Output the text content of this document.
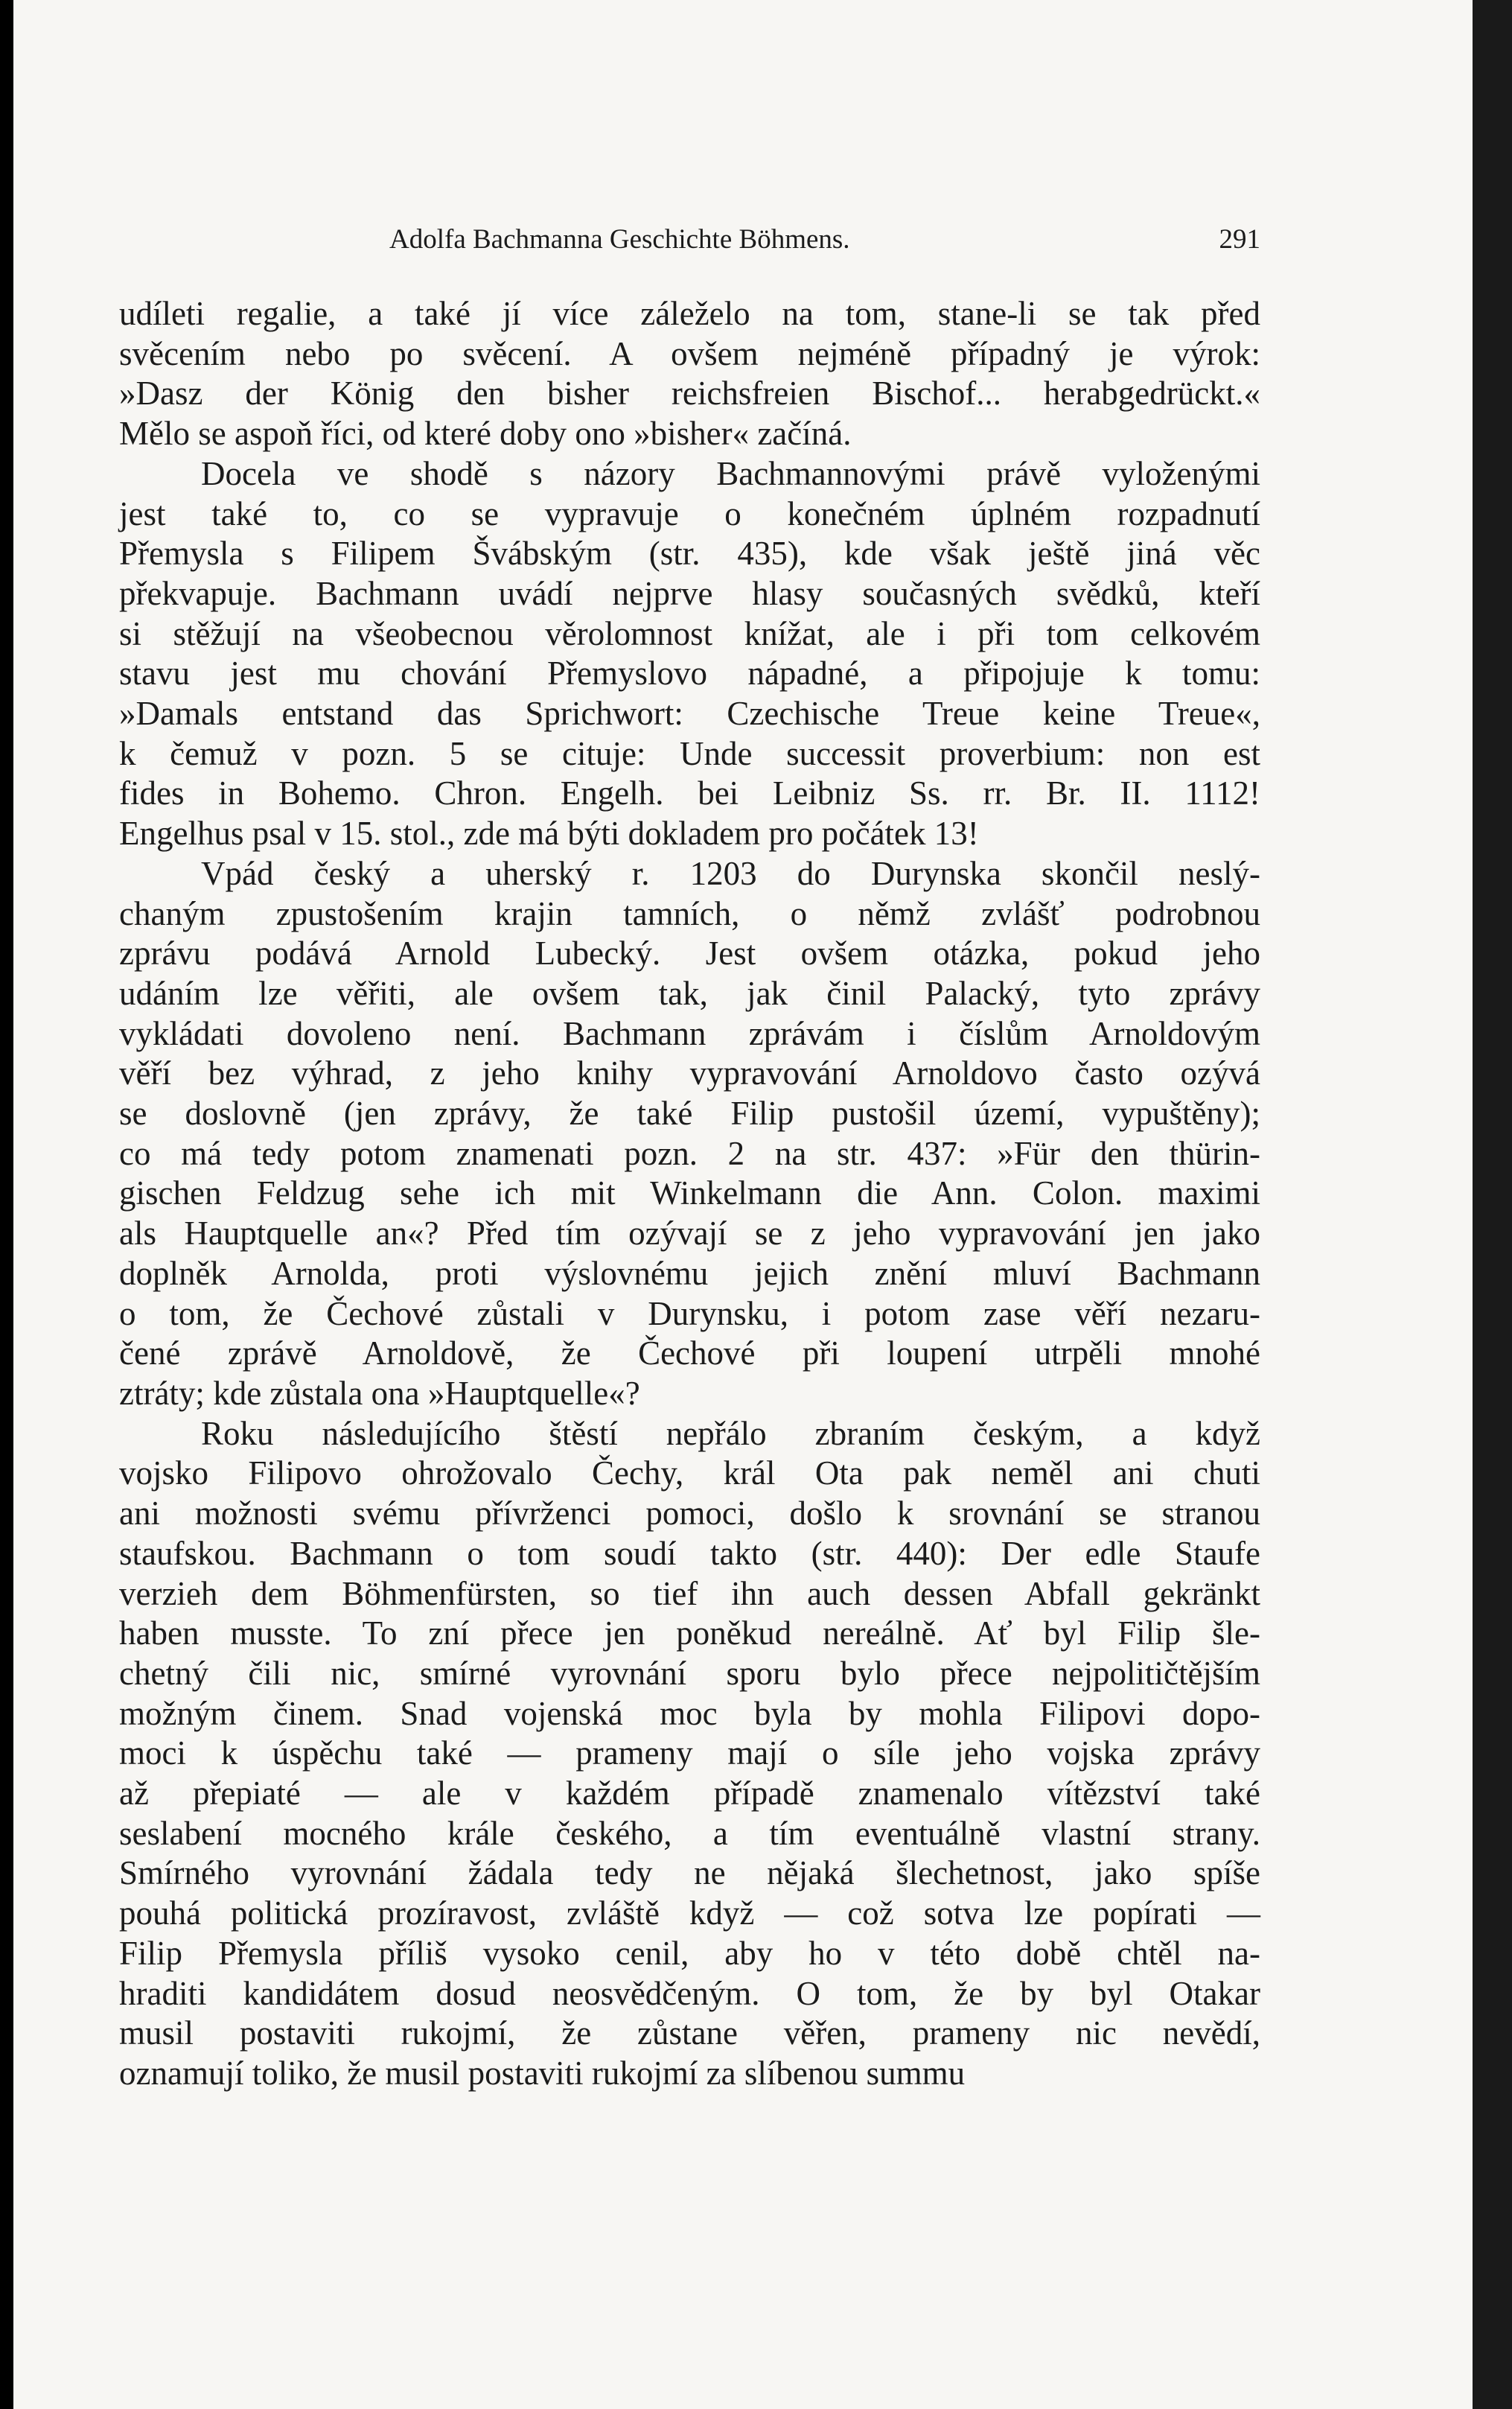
Adolfa Bachmanna Geschichte Böhmens.	291
udíleti regalie, a také jí více záleželo na tom, stane-li se tak před
svěcením nebo po svěcení. A ovšem nejméně případný je výrok:
»Dasz der König den bisher reichsfreien Bischof... herabgedrückt.«
Mělo se aspoň říci, od které doby ono »bisher« začíná.
Docela ve shodě s názory Bachmannovými právě vyloženými
jest také to, co se vypravuje o konečném úplném rozpadnutí
Přemysla s Filipem Švábským (str. 435), kde však ještě jiná věc
překvapuje. Bachmann uvádí nejprve hlasy současných svědků, kteří
si stěžují na všeobecnou věrolomnost knížat, ale i při tom celkovém
stavu jest mu chování Přemyslovo nápadné, a připojuje k tomu:
»Damals entstand das Sprichwort: Czechische Treue keine Treue«,
k čemuž v pozn. 5 se cituje: Unde successit proverbium: non est
fides in Bohemo. Chron. Engelh. bei Leibniz Ss. rr. Br. II. 1112!
Engelhus psal v 15. stol., zde má býti dokladem pro počátek 13!
Vpád český a uherský r. 1203 do Durynska skončil neslý-
chaným zpustošením krajin tamních, o němž zvlášť podrobnou
zprávu podává Arnold Lubecký. Jest ovšem otázka, pokud jeho
udáním lze věřiti, ale ovšem tak, jak činil Palacký, tyto zprávy
vykládati dovoleno není. Bachmann zprávám i číslům Arnoldovým
věří bez výhrad, z jeho knihy vypravování Arnoldovo často ozývá
se doslovně (jen zprávy, že také Filip pustošil území, vypuštěny);
co má tedy potom znamenati pozn. 2 na str. 437: »Für den thürin-
gischen Feldzug sehe ich mit Winkelmann die Ann. Colon. maximi
als Hauptquelle an«? Před tím ozývají se z jeho vypravování jen jako
doplněk Arnolda, proti výslovnému jejich znění mluví Bachmann
o tom, že Čechové zůstali v Durynsku, i potom zase věří nezaru-
čené zprávě Arnoldově, že Čechové při loupení utrpěli mnohé
ztráty; kde zůstala ona »Hauptquelle«?
Roku následujícího štěstí nepřálo zbraním českým, a když
vojsko Filipovo ohrožovalo Čechy, král Ota pak neměl ani chuti
ani možnosti svému přívrženci pomoci, došlo k srovnání se stranou
staufskou. Bachmann o tom soudí takto (str. 440): Der edle Staufe
verzieh dem Böhmenfürsten, so tief ihn auch dessen Abfall gekränkt
haben musste. To zní přece jen poněkud nereálně. Ať byl Filip šle-
chetný čili nic, smírné vyrovnání sporu bylo přece nejpolitičtějším
možným činem. Snad vojenská moc byla by mohla Filipovi dopo-
moci k úspěchu také — prameny mají o síle jeho vojska zprávy
až přepiaté — ale v každém případě znamenalo vítězství také
seslabení mocného krále českého, a tím eventuálně vlastní strany.
Smírného vyrovnání žádala tedy ne nějaká šlechetnost, jako spíše
pouhá politická prozíravost, zvláště když — což sotva lze popírati —
Filip Přemysla příliš vysoko cenil, aby ho v této době chtěl na-
hraditi kandidátem dosud neosvědčeným. O tom, že by byl Otakar
musil postaviti rukojmí, že zůstane věřen, prameny nic nevědí,
oznamují toliko, že musil postaviti rukojmí za slíbenou summu
